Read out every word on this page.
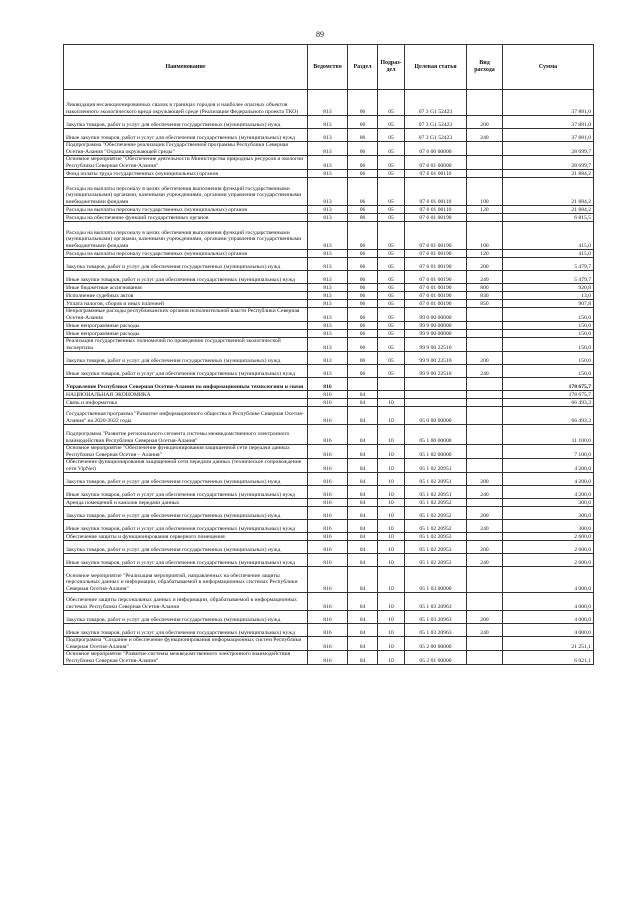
89
Наименование	Ведомство	Раздел	Подраз-дел	Целевая статья	Вид расхода	Сумма
Ликвидация несанкционированных свалок в границах городов и наиболее опасных объектов накопленного экологического вреда окружающей среде (Реализация Федерального проекта ТКО)	813	06	05	07 3 G1 52423		37 881,0
Закупка товаров, работ и услуг для обеспечения государственных (муниципальных) нужд	813	06	05	07 3 G1 52423	200	37 881,0
Иные закупки товаров, работ и услуг для обеспечения государственных (муниципальных) нужд	813	06	05	07 3 G1 52423	240	37 881,0
Подпрограмма "Обеспечение реализации Государственной программы Республики Северная Осетия-Алания "Охрана окружающей среды"	813	06	05	07 6 00 00000		28 699,7
Основное мероприятие "Обеспечение деятельности Министерства природных ресурсов и экологии Республики Северная Осетия-Алания"	813	06	05	07 6 01 00000		28 699,7
Фонд оплаты труда государственных (муниципальных) органов	813	06	05	07 6 01 00110		21 884,2
Расходы на выплаты персоналу в целях обеспечения выполнения функций государственными (муниципальными) органами, казенными учреждениями, органами управления государственными внебюджетными фондами	813	06	05	07 6 01 00110	100	21 884,2
Расходы на выплаты персоналу государственных (муниципальных) органов	813	06	05	07 6 01 00110	120	21 884,2
Расходы на обеспечение функций государственных органов	813	06	05	07 6 01 00190		6 815,5
Расходы на выплаты персоналу в целях обеспечения выполнения функций государственными (муниципальными) органами, казенными учреждениями, органами управления государственными внебюджетными фондами	813	06	05	07 6 01 00190	100	415,0
Расходы на выплаты персоналу государственных (муниципальных) органов	813	06	05	07 6 01 00190	120	415,0
Закупка товаров, работ и услуг для обеспечения государственных (муниципальных) нужд	813	06	05	07 6 01 00190	200	5 479,7
Иные закупки товаров, работ и услуг для обеспечения государственных (муниципальных) нужд	813	06	05	07 6 01 00190	240	5 479,7
Иные бюджетные ассигнования	813	06	05	07 6 01 00190	800	920,8
Исполнение судебных актов	813	06	05	07 6 01 00190	830	13,0
Уплата налогов, сборов и иных платежей	813	06	05	07 6 01 00190	850	907,8
Непрограммные расходы республиканских органов исполнительной власти Республики Северная Осетия-Алания	813	06	05	99 0 00 00000		150,0
Иные непрограммные расходы	813	06	05	99 9 00 00000		150,0
Иные непрограммные расходы	813	06	05	99 9 00 00000		150,0
Реализация государственных полномочий по проведению государственной экологической экспертизы	813	06	05	99 9 00 22510		150,0
Закупка товаров, работ и услуг для обеспечения государственных (муниципальных) нужд	813	06	05	99 9 00 22510	200	150,0
Иные закупки товаров, работ и услуг для обеспечения государственных (муниципальных) нужд	813	06	05	99 9 00 22510	240	150,0
Управление Республики Северная Осетия-Алания по информационным технологиям и связи	816					178 675,7
НАЦИОНАЛЬНАЯ ЭКОНОМИКА	816	04				178 675,7
Связь и информатика	816	04	10			66 493,3
Государственная программа "Развитие информационного общества в Республике Северная Осетия-Алания" на 2020-2022 годы	816	04	10	05 0 00 00000		66 493,3
Подпрограмма "Развитие регионального сегмента системы межведомственного электронного взаимодействия Республики Северная Осетия-Алания"	816	04	10	05 1 00 00000		11 100,0
Основное мероприятие "Обеспечение функционирования защищенной сети передачи данных Республики Северная Осетия – Алания"	816	04	10	05 1 02 00000		7 100,0
Обеспечение функционирования защищенной сети передачи данных (техническое сопровождение сети VipNet)	816	04	10	05 1 02 20951		4 200,0
Закупка товаров, работ и услуг для обеспечения государственных (муниципальных) нужд	816	04	10	05 1 02 20951	200	4 200,0
Иные закупки товаров, работ и услуг для обеспечения государственных (муниципальных) нужд	816	04	10	05 1 02 20951	240	4 200,0
Аренда помещений и каналов передачи данных	816	04	10	05 1 02 20952		300,0
Закупка товаров, работ и услуг для обеспечения государственных (муниципальных) нужд	816	04	10	05 1 02 20952	200	300,0
Иные закупки товаров, работ и услуг для обеспечения государственных (муниципальных) нужд	816	04	10	05 1 02 20952	240	300,0
Обеспечение защиты и функционирования серверного помещения	816	04	10	05 1 02 20953		2 600,0
Закупка товаров, работ и услуг для обеспечения государственных (муниципальных) нужд	816	04	10	05 1 02 20953	200	2 600,0
Иные закупки товаров, работ и услуг для обеспечения государственных (муниципальных) нужд	816	04	10	05 1 02 20953	240	2 600,0
Основное мероприятие "Реализация мероприятий, направленных на обеспечение защиты персональных данных и информации, обрабатываемой в информационных системах Республики Северная Осетия-Алания"	816	04	10	05 1 03 00000		4 000,0
Обеспечение защиты персональных данных и информации, обрабатываемой в информационных системах Республики Северная Осетия-Алания	816	04	10	05 1 03 20963		4 000,0
Закупка товаров, работ и услуг для обеспечения государственных (муниципальных) нужд	816	04	10	05 1 03 20963	200	4 000,0
Иные закупки товаров, работ и услуг для обеспечения государственных (муниципальных) нужд	816	04	10	05 1 03 20963	240	4 000,0
Подпрограмма "Создание и обеспечение функционирования информационных систем Республики Северная Осетия-Алания"	816	04	10	05 2 00 00000		21 251,1
Основное мероприятие "Развитие системы межведомственного электронного взаимодействия Республики Северная Осетия-Алания"	816	04	10	05 2 01 00000		6 021,1
